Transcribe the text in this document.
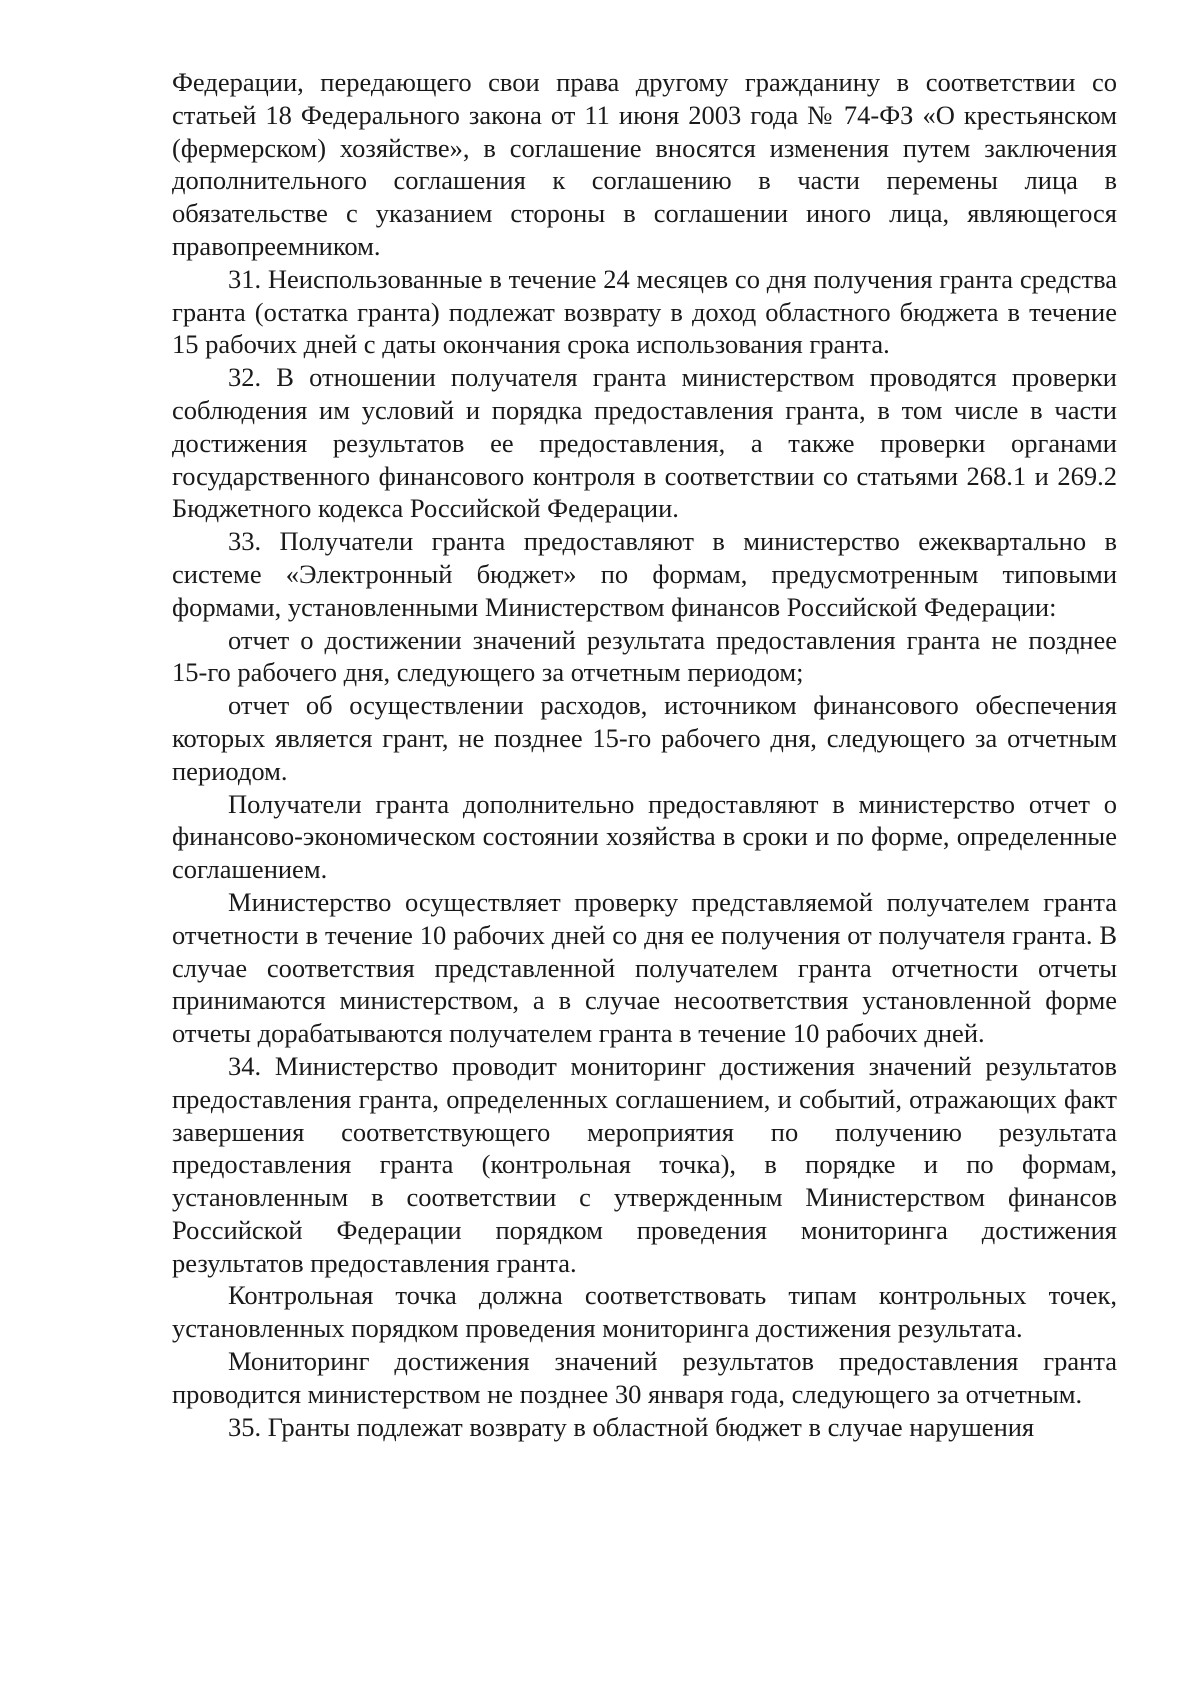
Федерации, передающего свои права другому гражданину в соответствии со статьей 18 Федерального закона от 11 июня 2003 года № 74-ФЗ «О крестьянском (фермерском) хозяйстве», в соглашение вносятся изменения путем заключения дополнительного соглашения к соглашению в части перемены лица в обязательстве с указанием стороны в соглашении иного лица, являющегося правопреемником.

31. Неиспользованные в течение 24 месяцев со дня получения гранта средства гранта (остатка гранта) подлежат возврату в доход областного бюджета в течение 15 рабочих дней с даты окончания срока использования гранта.

32. В отношении получателя гранта министерством проводятся проверки соблюдения им условий и порядка предоставления гранта, в том числе в части достижения результатов ее предоставления, а также проверки органами государственного финансового контроля в соответствии со статьями 268.1 и 269.2 Бюджетного кодекса Российской Федерации.

33. Получатели гранта предоставляют в министерство ежеквартально в системе «Электронный бюджет» по формам, предусмотренным типовыми формами, установленными Министерством финансов Российской Федерации:

отчет о достижении значений результата предоставления гранта не позднее 15-го рабочего дня, следующего за отчетным периодом;

отчет об осуществлении расходов, источником финансового обеспечения которых является грант, не позднее 15-го рабочего дня, следующего за отчетным периодом.

Получатели гранта дополнительно предоставляют в министерство отчет о финансово-экономическом состоянии хозяйства в сроки и по форме, определенные соглашением.

Министерство осуществляет проверку представляемой получателем гранта отчетности в течение 10 рабочих дней со дня ее получения от получателя гранта. В случае соответствия представленной получателем гранта отчетности отчеты принимаются министерством, а в случае несоответствия установленной форме отчеты дорабатываются получателем гранта в течение 10 рабочих дней.

34. Министерство проводит мониторинг достижения значений результатов предоставления гранта, определенных соглашением, и событий, отражающих факт завершения соответствующего мероприятия по получению результата предоставления гранта (контрольная точка), в порядке и по формам, установленным в соответствии с утвержденным Министерством финансов Российской Федерации порядком проведения мониторинга достижения результатов предоставления гранта.

Контрольная точка должна соответствовать типам контрольных точек, установленных порядком проведения мониторинга достижения результата.

Мониторинг достижения значений результатов предоставления гранта проводится министерством не позднее 30 января года, следующего за отчетным.

35. Гранты подлежат возврату в областной бюджет в случае нарушения
